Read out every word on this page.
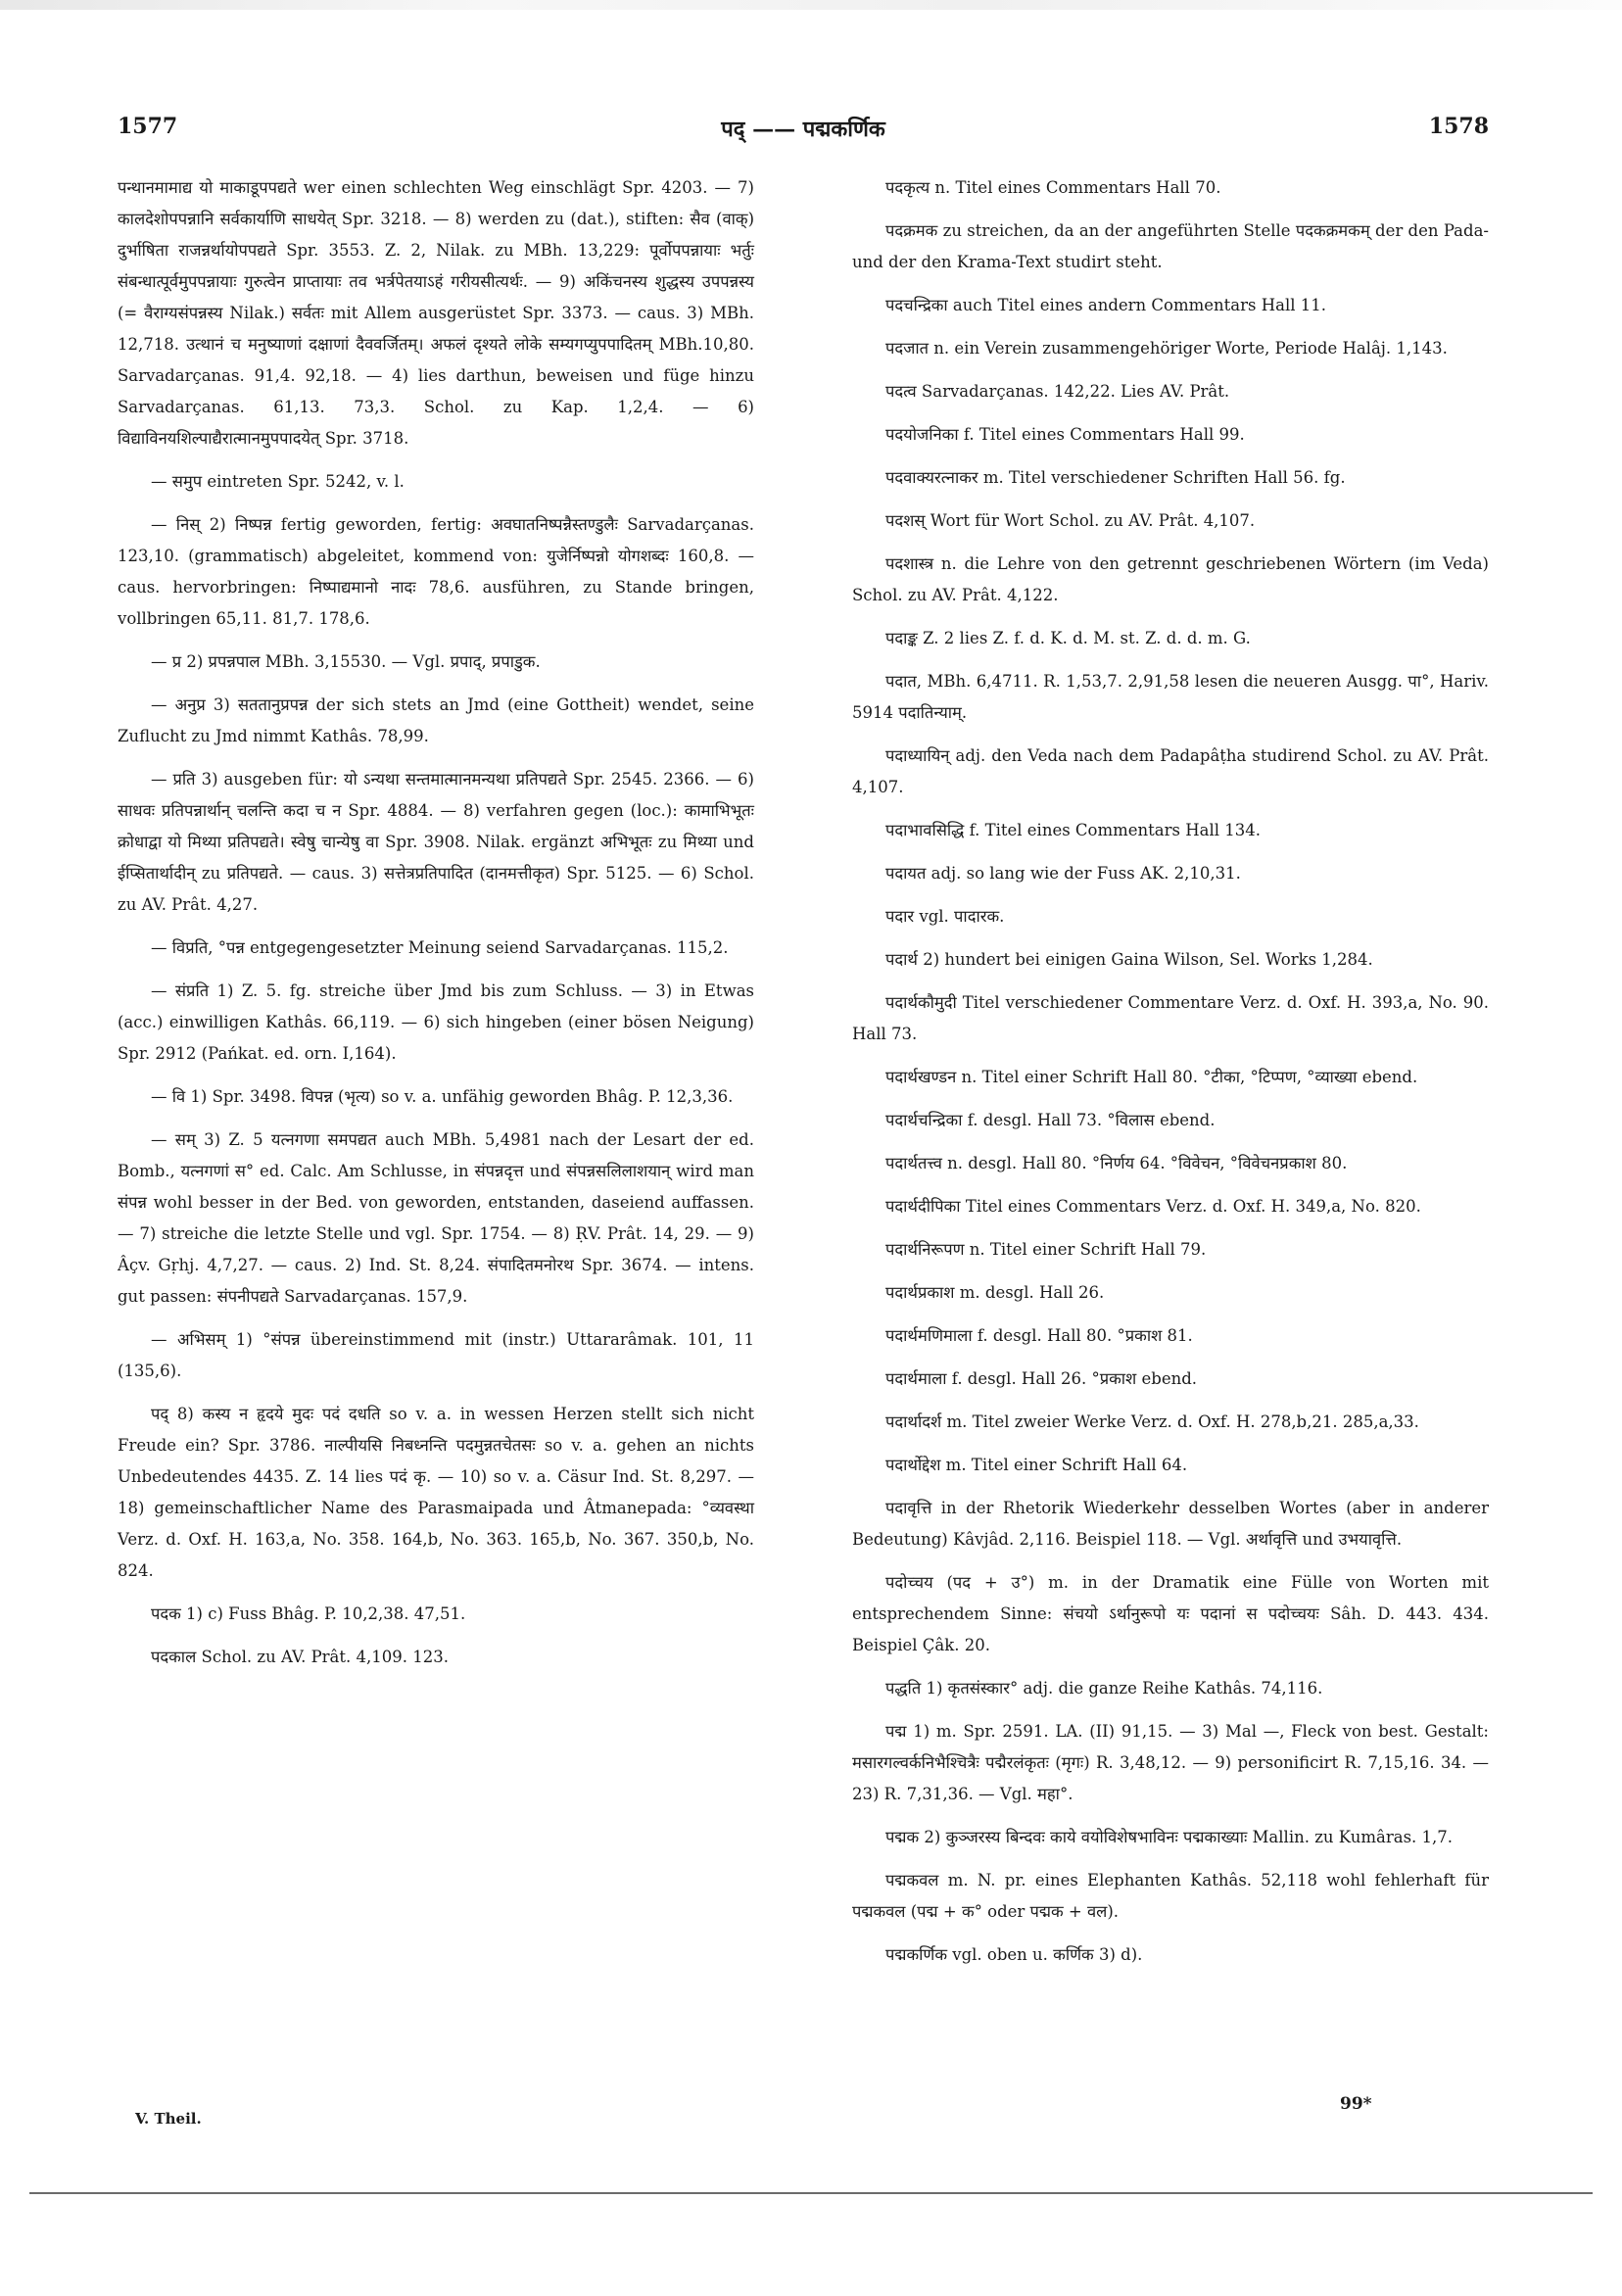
1577	पद् —— पद्मकर्णिक	1578

पन्थानमामाद्य यो माकाडूपपद्यते wer einen schlechten Weg einschlägt Spr. 4203. — 7) कालदेशोपपन्नानि सर्वकार्याणि साधयेत् Spr. 3218. — 8) werden zu (dat.), stiften: सैव (वाक्) दुर्भाषिता राजन्नर्थायोपपद्यते Spr. 3553. Z. 2, Nilak. zu MBh. 13,229: पूर्वोपपन्नायाः भर्तुः संबन्धात्पूर्वमुपपन्नायाः गुरुत्वेन प्राप्तायाः तव भर्त्रपेतयाऽहं गरीयसीत्यर्थः. — 9) अकिंचनस्य शुद्धस्य उपपन्नस्य (= वैराग्यसंपन्नस्य Nilak.) सर्वतः mit Allem ausgerüstet Spr. 3373. — caus. 3) MBh. 12,718. उत्थानं च मनुष्याणां दक्षाणां दैववर्जितम्। अफलं दृश्यते लोके सम्यगप्युपपादितम् MBh.10,80. Sarvadarçanas. 91,4. 92,18. — 4) lies darthun, beweisen und füge hinzu Sarvadarçanas. 61,13. 73,3. Schol. zu Kap. 1,2,4. — 6) विद्याविनयशिल्पाद्यैरात्मानमुपपादयेत् Spr. 3718.

— समुप eintreten Spr. 5242, v. l.

— निस् 2) निष्पन्न fertig geworden, fertig: अवघातनिष्पन्नैस्तण्डुलैः Sarvadarçanas. 123,10. (grammatisch) abgeleitet, kommend von: युजेर्निष्पन्नो योगशब्दः 160,8. — caus. hervorbringen: निष्पाद्यमानो नादः 78,6. ausführen, zu Stande bringen, vollbringen 65,11. 81,7. 178,6.

— प्र 2) प्रपन्नपाल MBh. 3,15530. — Vgl. प्रपाद्, प्रपाडुक.

— अनुप्र 3) सततानुप्रपन्न der sich stets an Jmd (eine Gottheit) wendet, seine Zuflucht zu Jmd nimmt Kathâs. 78,99.

— प्रति 3) ausgeben für: यो ऽन्यथा सन्तमात्मानमन्यथा प्रतिपद्यते Spr. 2545. 2366. — 6) साधवः प्रतिपन्नार्थान् चलन्ति कदा च न Spr. 4884. — 8) verfahren gegen (loc.): कामाभिभूतः क्रोधाद्वा यो मिथ्या प्रतिपद्यते। स्वेषु चान्येषु वा Spr. 3908. Nilak. ergänzt अभिभूतः zu मिथ्या und ईप्सितार्थादीन् zu प्रतिपद्यते. — caus. 3) सत्तेत्रप्रतिपादित (दानमत्तीकृत) Spr. 5125. — 6) Schol. zu AV. Prât. 4,27.

— विप्रति, °पन्न entgegengesetzter Meinung seiend Sarvadarçanas. 115,2.

— संप्रति 1) Z. 5. fg. streiche über Jmd bis zum Schluss. — 3) in Etwas (acc.) einwilligen Kathâs. 66,119. — 6) sich hingeben (einer bösen Neigung) Spr. 2912 (Pańkat. ed. orn. I,164).

— वि 1) Spr. 3498. विपन्न (भृत्य) so v. a. unfähig geworden Bhâg. P. 12,3,36.

— सम् 3) Z. 5 यत्नगणा समपद्यत auch MBh. 5,4981 nach der Lesart der ed. Bomb., यत्नगणां स° ed. Calc. Am Schlusse, in संपन्नदृत्त und संपन्नसलिलाशयान् wird man संपन्न wohl besser in der Bed. von geworden, entstanden, daseiend auffassen. — 7) streiche die letzte Stelle und vgl. Spr. 1754. — 8) ṚV. Prât. 14, 29. — 9) Âçv. Gṛhj. 4,7,27. — caus. 2) Ind. St. 8,24. संपादितमनोरथ Spr. 3674. — intens. gut passen: संपनीपद्यते Sarvadarçanas. 157,9.

— अभिसम् 1) °संपन्न übereinstimmend mit (instr.) Uttararâmak. 101, 11 (135,6).

पद् 8) कस्य न हृदये मुदः पदं दधति so v. a. in wessen Herzen stellt sich nicht Freude ein? Spr. 3786. नाल्पीयसि निबध्नन्ति पदमुन्नतचेतसः so v. a. gehen an nichts Unbedeutendes 4435. Z. 14 lies पदं कृ. — 10) so v. a. Cäsur Ind. St. 8,297. — 18) gemeinschaftlicher Name des Parasmaipada und Âtmanepada: °व्यवस्था Verz. d. Oxf. H. 163,a, No. 358. 164,b, No. 363. 165,b, No. 367. 350,b, No. 824.

पदक 1) c) Fuss Bhâg. P. 10,2,38. 47,51.

पदकाल Schol. zu AV. Prât. 4,109. 123.

पदकृत्य n. Titel eines Commentars Hall 70.

पदक्रमक zu streichen, da an der angeführten Stelle पदकक्रमकम् der den Pada- und der den Krama-Text studirt steht.

पदचन्द्रिका auch Titel eines andern Commentars Hall 11.

पदजात n. ein Verein zusammengehöriger Worte, Periode Halâj. 1,143.

पदत्व Sarvadarçanas. 142,22. Lies AV. Prât.

पदयोजनिका f. Titel eines Commentars Hall 99.

पदवाक्यरत्नाकर m. Titel verschiedener Schriften Hall 56. fg.

पदशस् Wort für Wort Schol. zu AV. Prât. 4,107.

पदशास्त्र n. die Lehre von den getrennt geschriebenen Wörtern (im Veda) Schol. zu AV. Prât. 4,122.

पदाङ्क Z. 2 lies Z. f. d. K. d. M. st. Z. d. d. m. G.

पदात, MBh. 6,4711. R. 1,53,7. 2,91,58 lesen die neueren Ausgg. पा°, Hariv. 5914 पदातिन्याम्.

पदाध्यायिन् adj. den Veda nach dem Padapâṭha studirend Schol. zu AV. Prât. 4,107.

पदाभावसिद्धि f. Titel eines Commentars Hall 134.

पदायत adj. so lang wie der Fuss AK. 2,10,31.

पदार vgl. पादारक.

पदार्थ 2) hundert bei einigen Gaina Wilson, Sel. Works 1,284.

पदार्थकौमुदी Titel verschiedener Commentare Verz. d. Oxf. H. 393,a, No. 90. Hall 73.

पदार्थखण्डन n. Titel einer Schrift Hall 80. °टीका, °टिप्पण, °व्याख्या ebend.

पदार्थचन्द्रिका f. desgl. Hall 73. °विलास ebend.

पदार्थतत्त्व n. desgl. Hall 80. °निर्णय 64. °विवेचन, °विवेचनप्रकाश 80.

पदार्थदीपिका Titel eines Commentars Verz. d. Oxf. H. 349,a, No. 820.

पदार्थनिरूपण n. Titel einer Schrift Hall 79.

पदार्थप्रकाश m. desgl. Hall 26.

पदार्थमणिमाला f. desgl. Hall 80. °प्रकाश 81.

पदार्थमाला f. desgl. Hall 26. °प्रकाश ebend.

पदार्थादर्श m. Titel zweier Werke Verz. d. Oxf. H. 278,b,21. 285,a,33.

पदार्थोद्देश m. Titel einer Schrift Hall 64.

पदावृत्ति in der Rhetorik Wiederkehr desselben Wortes (aber in anderer Bedeutung) Kâvjâd. 2,116. Beispiel 118. — Vgl. अर्थावृत्ति und उभयावृत्ति.

पदोच्चय (पद + उ°) m. in der Dramatik eine Fülle von Worten mit entsprechendem Sinne: संचयो ऽर्थानुरूपो यः पदानां स पदोच्चयः Sâh. D. 443. 434. Beispiel Çâk. 20.

पद्धति 1) कृतसंस्कार° adj. die ganze Reihe Kathâs. 74,116.

पद्म 1) m. Spr. 2591. LA. (II) 91,15. — 3) Mal —, Fleck von best. Gestalt: मसारगल्वर्कनिभैश्चित्रैः पद्मैरलंकृतः (मृगः) R. 3,48,12. — 9) personificirt R. 7,15,16. 34. — 23) R. 7,31,36. — Vgl. महा°.

पद्मक 2) कुञ्जरस्य बिन्दवः काये वयोविशेषभाविनः पद्मकाख्याः Mallin. zu Kumâras. 1,7.

पद्मकवल m. N. pr. eines Elephanten Kathâs. 52,118 wohl fehlerhaft für पद्मकवल (पद्म + क° oder पद्मक + वल).

पद्मकर्णिक vgl. oben u. कर्णिक 3) d).

V. Theil.
99*
